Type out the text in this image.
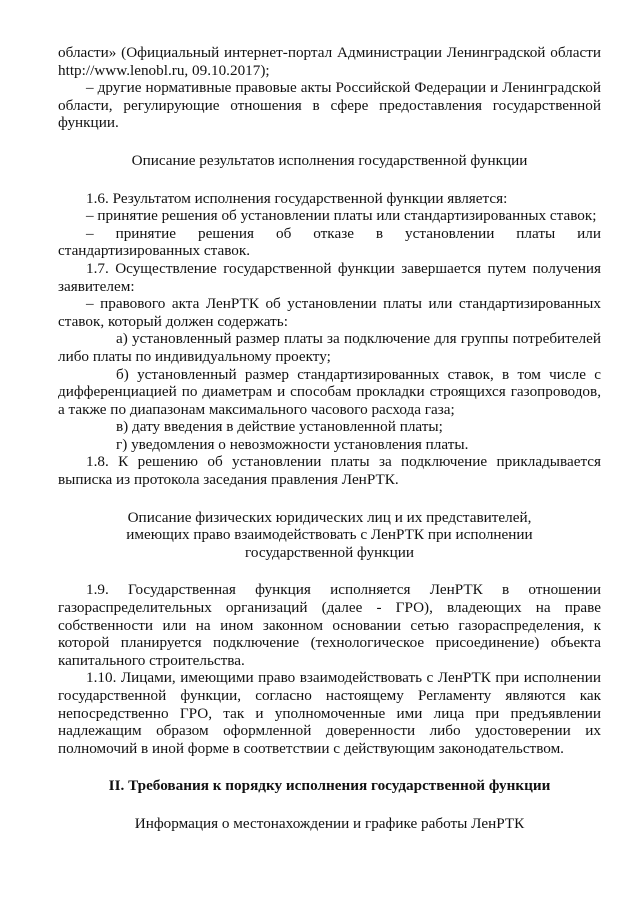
области» (Официальный интернет-портал Администрации Ленинградской области http://www.lenobl.ru, 09.10.2017);

– другие нормативные правовые акты Российской Федерации и Ленинградской области, регулирующие отношения в сфере предоставления государственной функции.

Описание результатов исполнения государственной функции

1.6. Результатом исполнения государственной функции является:

– принятие решения об установлении платы или стандартизированных ставок;

– принятие решения об отказе в установлении платы или стандартизированных ставок.

1.7. Осуществление государственной функции завершается путем получения заявителем:

– правового акта ЛенРТК об установлении платы или стандартизированных ставок, который должен содержать:

а) установленный размер платы за подключение для группы потребителей либо платы по индивидуальному проекту;

б) установленный размер стандартизированных ставок, в том числе с дифференциацией по диаметрам и способам прокладки строящихся газопроводов, а также по диапазонам максимального часового расхода газа;

в) дату введения в действие установленной платы;

г) уведомления о невозможности установления платы.

1.8. К решению об установлении платы за подключение прикладывается выписка из протокола заседания правления ЛенРТК.

Описание физических юридических лиц и их представителей,

имеющих право взаимодействовать с ЛенРТК при исполнении

государственной функции

1.9. Государственная функция исполняется ЛенРТК в отношении газораспределительных организаций (далее - ГРО), владеющих на праве собственности или на ином законном основании сетью газораспределения, к которой планируется подключение (технологическое присоединение) объекта капитального строительства.

1.10. Лицами, имеющими право взаимодействовать с ЛенРТК при исполнении государственной функции, согласно настоящему Регламенту являются как непосредственно ГРО, так и уполномоченные ими лица при предъявлении надлежащим образом оформленной доверенности либо удостоверении их полномочий в иной форме в соответствии с действующим законодательством.

II. Требования к порядку исполнения государственной функции

Информация о местонахождении и графике работы ЛенРТК
